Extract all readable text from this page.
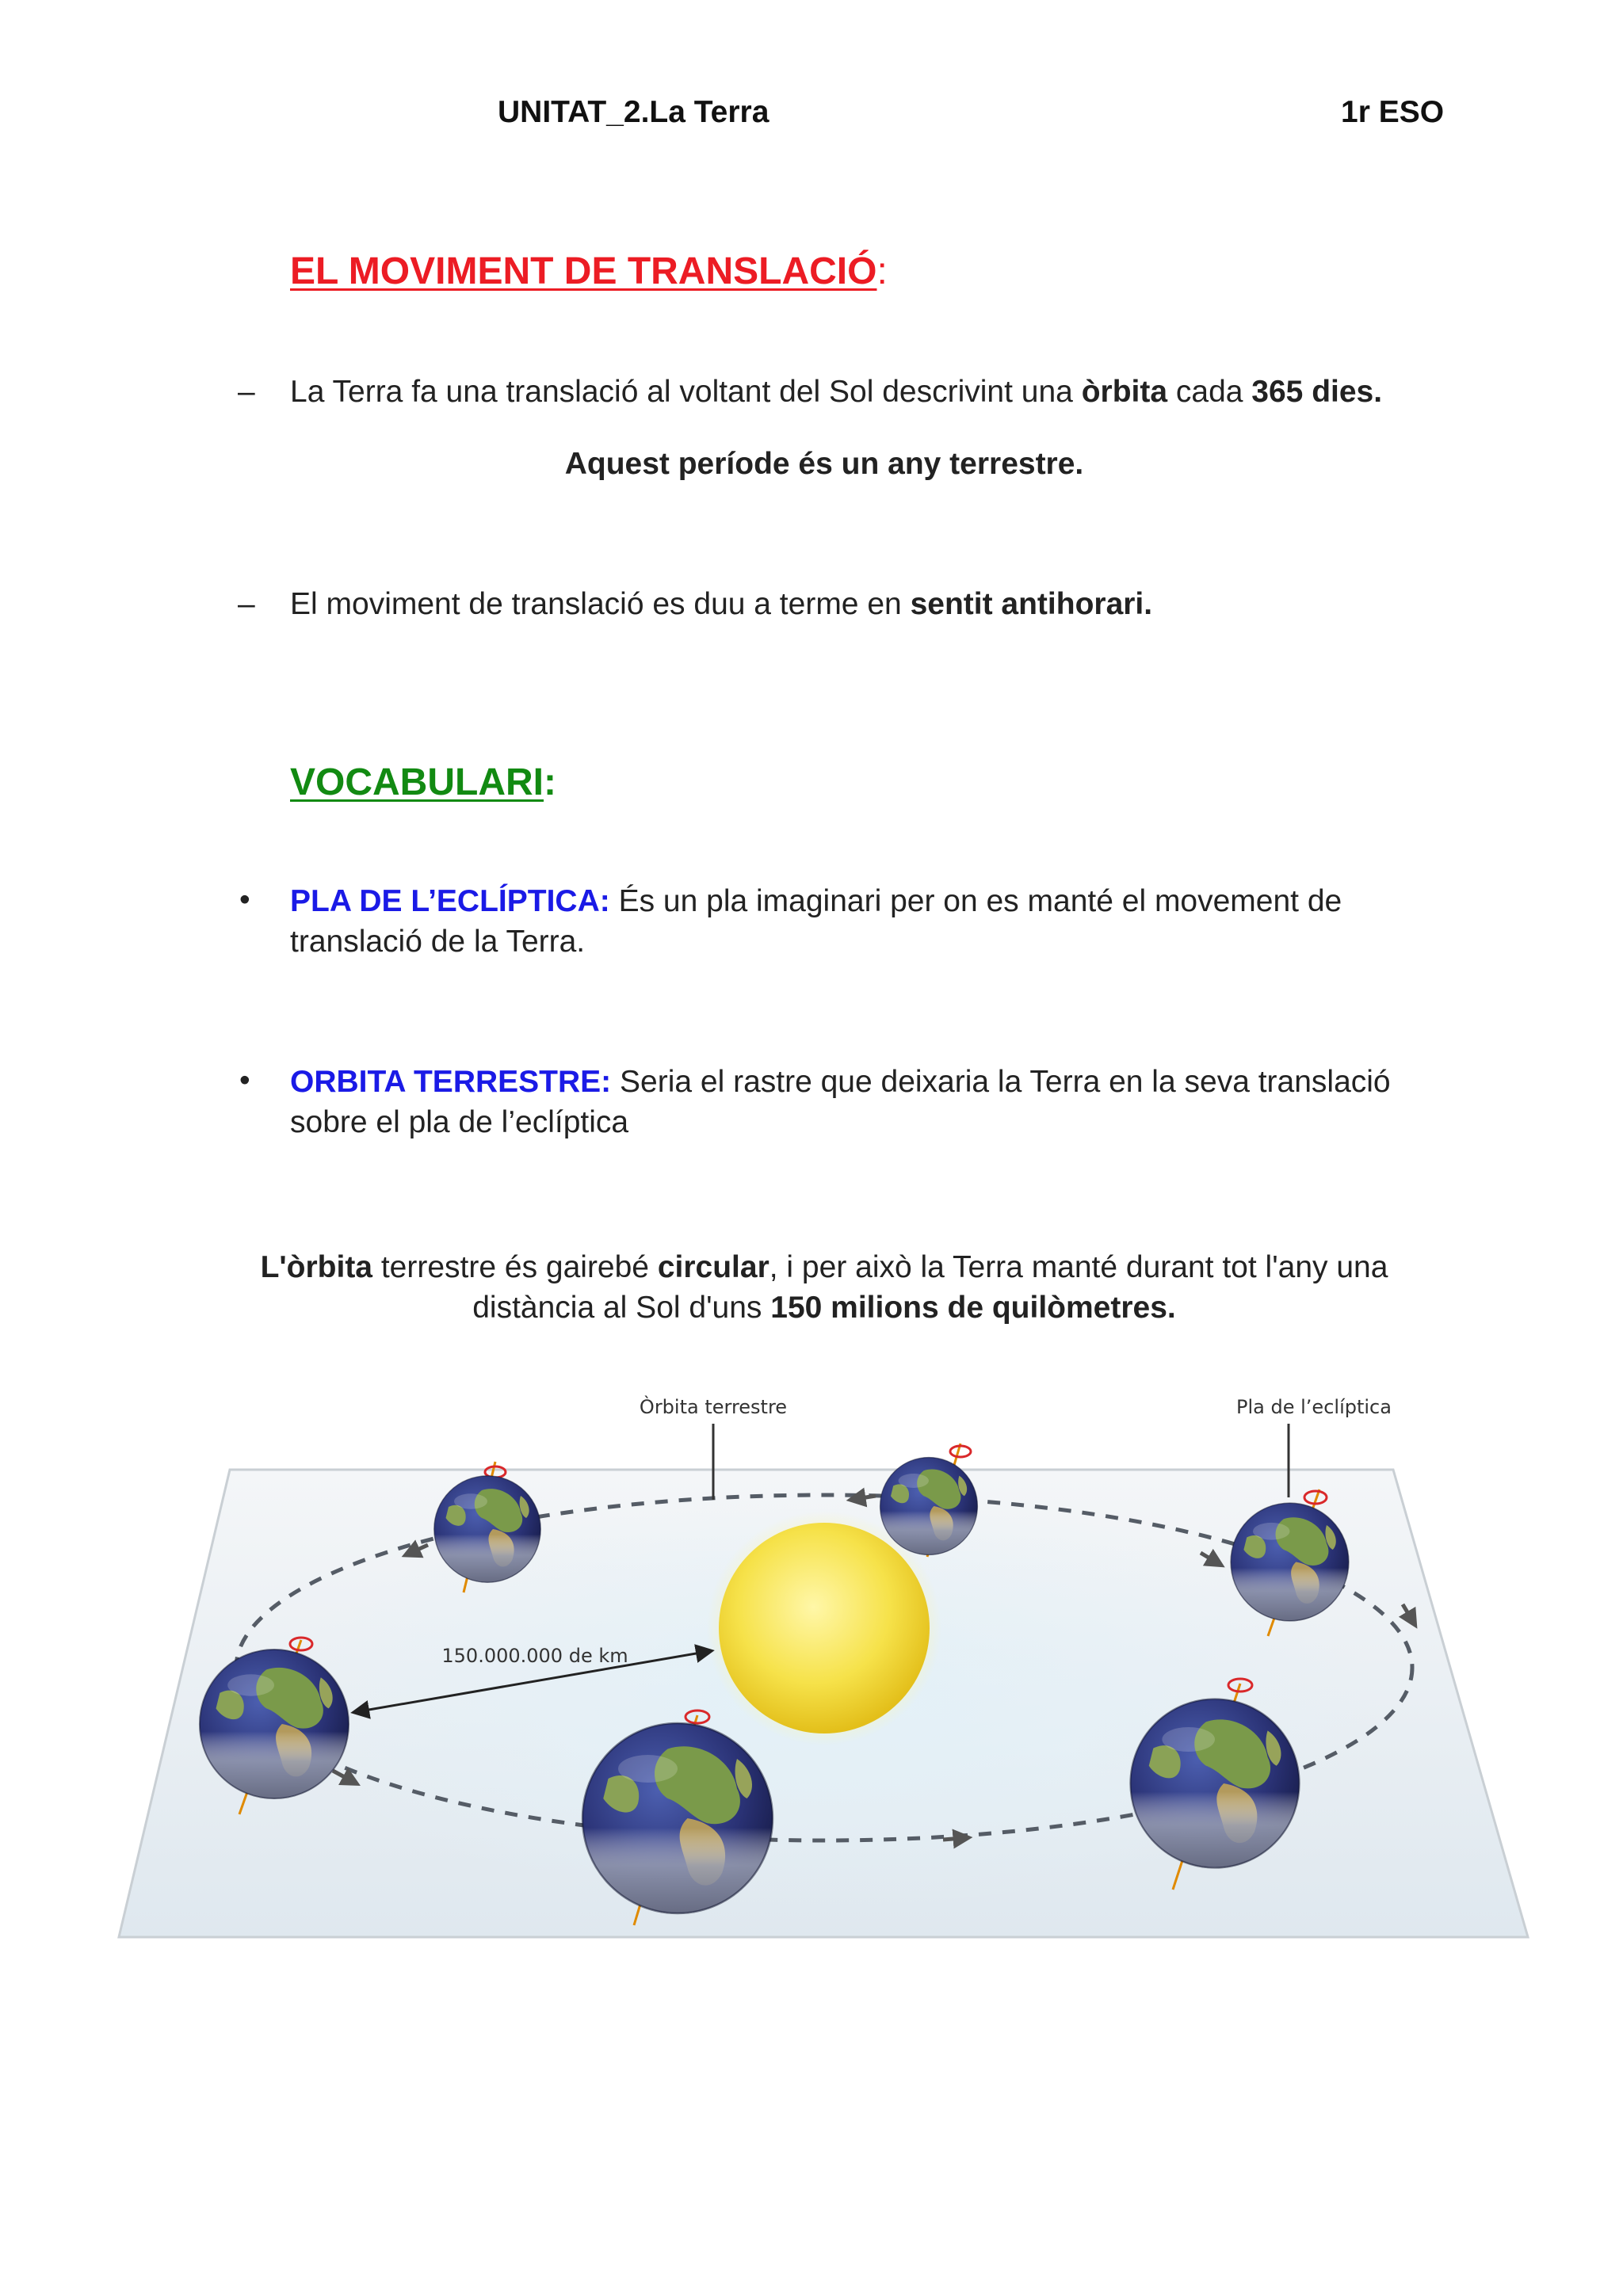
UNITAT_2.La Terra	1r ESO
EL MOVIMENT DE TRANSLACIÓ:
– La Terra fa una translació al voltant del Sol descrivint una òrbita cada 365 dies.
Aquest període és un any terrestre.
– El moviment de translació es duu a terme en sentit antihorari.
VOCABULARI:
• PLA DE L’ECLÍPTICA: És un pla imaginari per on es manté el movement de
translació de la Terra.
• ORBITA TERRESTRE: Seria el rastre que deixaria la Terra en la seva translació
sobre el pla de l’eclíptica
L'òrbita terrestre és gairebé circular, i per això la Terra manté durant tot l'any una
distància al Sol d'uns 150 milions de quilòmetres.
Òrbita terrestre	Pla de l’eclíptica
150.000.000 de km
